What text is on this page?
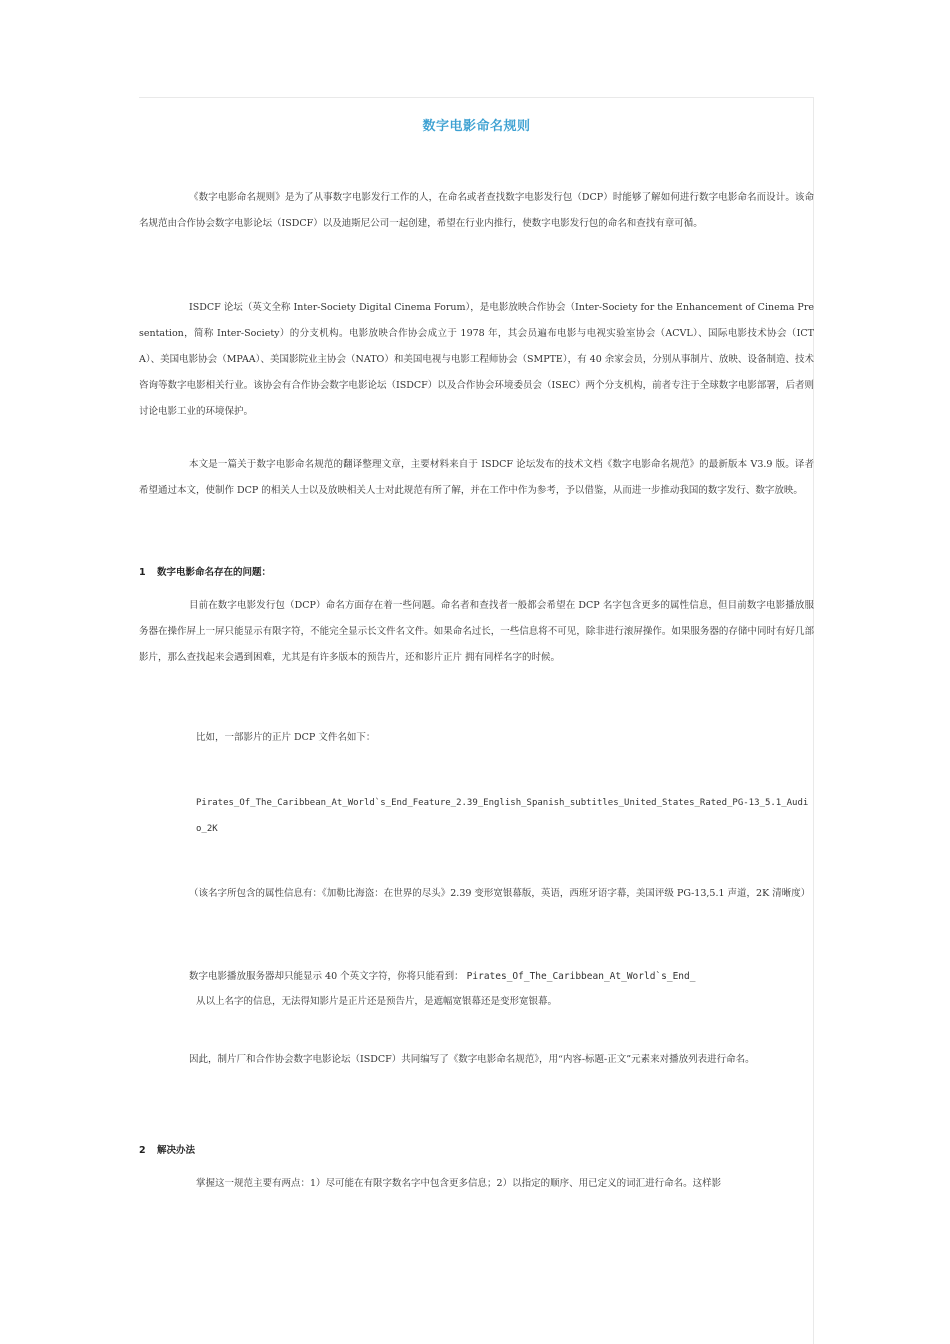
数字电影命名规则

《数字电影命名规则》是为了从事数字电影发行工作的人，在命名或者查找数字电影发行包（DCP）时能够了解如何进行数字电影命名而设计。该命名规范由合作协会数字电影论坛（ISDCF）以及迪斯尼公司一起创建，希望在行业内推行，使数字电影发行包的命名和查找有章可循。

ISDCF 论坛（英文全称 Inter-Society Digital Cinema Forum），是电影放映合作协会（Inter-Society for the Enhancement of Cinema Presentation，简称 Inter-Society）的分支机构。电影放映合作协会成立于 1978 年，其会员遍布电影与电视实验室协会（ACVL）、国际电影技术协会（ICTA）、美国电影协会（MPAA）、美国影院业主协会（NATO）和美国电视与电影工程师协会（SMPTE），有 40 余家会员，分别从事制片、放映、设备制造、技术咨询等数字电影相关行业。该协会有合作协会数字电影论坛（ISDCF）以及合作协会环境委员会（ISEC）两个分支机构，前者专注于全球数字电影部署，后者则讨论电影工业的环境保护。

本文是一篇关于数字电影命名规范的翻译整理文章，主要材料来自于 ISDCF 论坛发布的技术文档《数字电影命名规范》的最新版本 V3.9 版。译者希望通过本文，使制作 DCP 的相关人士以及放映相关人士对此规范有所了解，并在工作中作为参考，予以借鉴，从而进一步推动我国的数字发行、数字放映。

1 数字电影命名存在的问题：

目前在数字电影发行包（DCP）命名方面存在着一些问题。命名者和查找者一般都会希望在 DCP 名字包含更多的属性信息，但目前数字电影播放服务器在操作屏上一屏只能显示有限字符，不能完全显示长文件名文件。如果命名过长，一些信息将不可见，除非进行滚屏操作。如果服务器的存储中同时有好几部影片，那么查找起来会遇到困难，尤其是有许多版本的预告片，还和影片正片 拥有同样名字的时候。

比如，一部影片的正片 DCP 文件名如下：

Pirates_Of_The_Caribbean_At_World`s_End_Feature_2.39_English_Spanish_subtitles_United_States_Rated_PG-13_5.1_Audio_2K

（该名字所包含的属性信息有：《加勒比海盗：在世界的尽头》2.39 变形宽银幕版，英语，西班牙语字幕，美国评级 PG-13,5.1 声道，2K 清晰度）

数字电影播放服务器却只能显示 40 个英文字符，你将只能看到： Pirates_Of_The_Caribbean_At_World`s_End_

从以上名字的信息，无法得知影片是正片还是预告片，是遮幅宽银幕还是变形宽银幕。

因此，制片厂和合作协会数字电影论坛（ISDCF）共同编写了《数字电影命名规范》，用“内容-标题-正文”元素来对播放列表进行命名。

2 解决办法

掌握这一规范主要有两点：1）尽可能在有限字数名字中包含更多信息；2）以指定的顺序、用已定义的词汇进行命名。这样影
